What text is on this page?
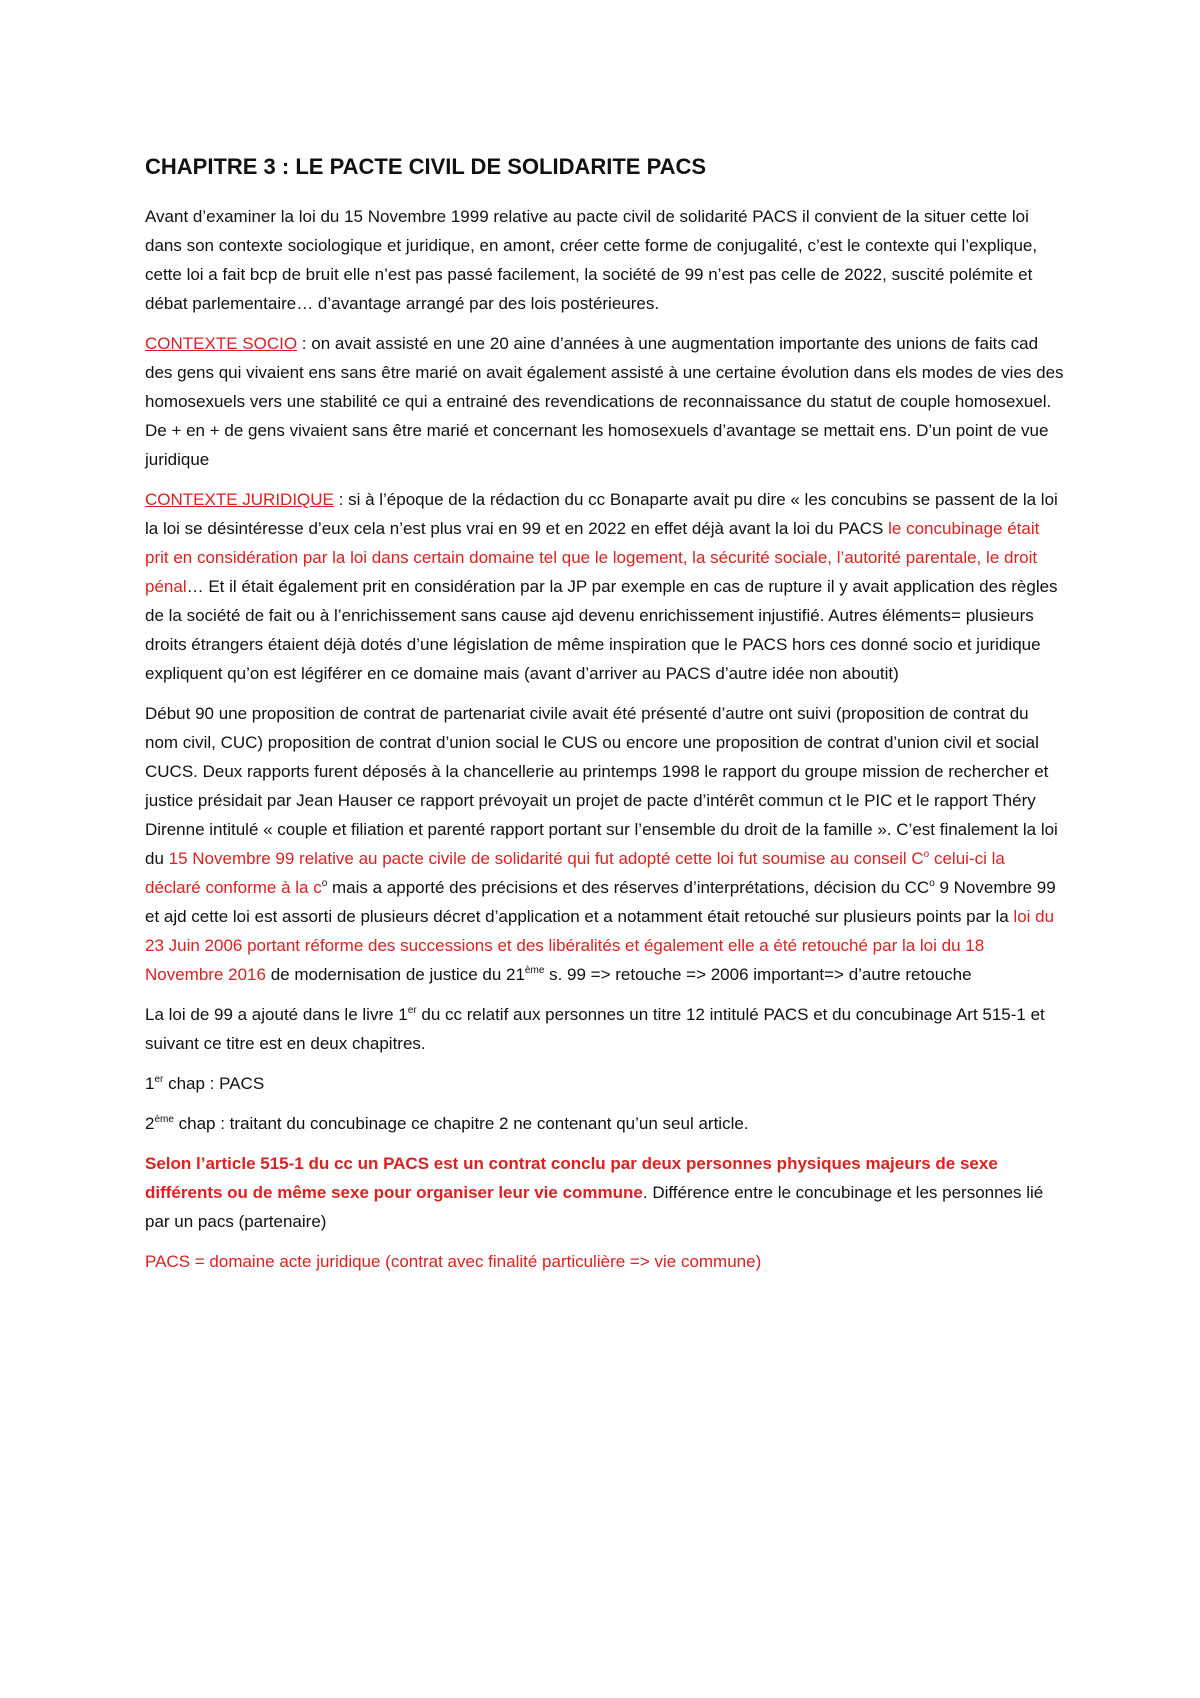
CHAPITRE 3 : LE PACTE CIVIL DE SOLIDARITE PACS

Avant d’examiner la loi du 15 Novembre 1999 relative au pacte civil de solidarité PACS il convient de la situer cette loi dans son contexte sociologique et juridique, en amont, créer cette forme de conjugalité, c’est le contexte qui l’explique, cette loi a fait bcp de bruit elle n’est pas passé facilement, la société de 99 n’est pas celle de 2022, suscité polémite et débat parlementaire… d’avantage arrangé par des lois postérieures.

CONTEXTE SOCIO : on avait assisté en une 20 aine d’années à une augmentation importante des unions de faits cad des gens qui vivaient ens sans être marié on avait également assisté à une certaine évolution dans els modes de vies des homosexuels vers une stabilité ce qui a entrainé des revendications de reconnaissance du statut de couple homosexuel. De + en + de gens vivaient sans être marié et concernant les homosexuels d’avantage se mettait ens. D’un point de vue juridique

CONTEXTE JURIDIQUE : si à l’époque de la rédaction du cc Bonaparte avait pu dire « les concubins se passent de la loi la loi se désintéresse d’eux cela n’est plus vrai en 99 et en 2022 en effet déjà avant la loi du PACS le concubinage était prit en considération par la loi dans certain domaine tel que le logement, la sécurité sociale, l’autorité parentale, le droit pénal… Et il était également prit en considération par la JP par exemple en cas de rupture il y avait application des règles de la société de fait ou à l’enrichissement sans cause ajd devenu enrichissement injustifié. Autres éléments= plusieurs droits étrangers étaient déjà dotés d’une législation de même inspiration que le PACS hors ces donné socio et juridique expliquent qu’on est légiférer en ce domaine mais (avant d’arriver au PACS d’autre idée non aboutit)

Début 90 une proposition de contrat de partenariat civile avait été présenté d’autre ont suivi (proposition de contrat du nom civil, CUC) proposition de contrat d’union social le CUS ou encore une proposition de contrat d’union civil et social CUCS. Deux rapports furent déposés à la chancellerie au printemps 1998 le rapport du groupe mission de rechercher et justice présidait par Jean Hauser ce rapport prévoyait un projet de pacte d’intérêt commun ct le PIC et le rapport Théry Direnne intitulé « couple et filiation et parenté rapport portant sur l’ensemble du droit de la famille ». C’est finalement la loi du 15 Novembre 99 relative au pacte civile de solidarité qui fut adopté cette loi fut soumise au conseil $C^o$ celui-ci la déclaré conforme à la $c^o$ mais a apporté des précisions et des réserves d’interprétations, décision du $CC^o$ 9 Novembre 99 et ajd cette loi est assorti de plusieurs décret d’application et a notamment était retouché sur plusieurs points par la loi du 23 Juin 2006 portant réforme des successions et des libéralités et également elle a été retouché par la loi du 18 Novembre 2016 de modernisation de justice du 21ème s. 99 => retouche => 2006 important=> d’autre retouche

La loi de 99 a ajouté dans le livre 1er du cc relatif aux personnes un titre 12 intitulé PACS et du concubinage Art 515-1 et suivant ce titre est en deux chapitres.

1er chap : PACS

2ème chap : traitant du concubinage ce chapitre 2 ne contenant qu’un seul article.

Selon l’article 515-1 du cc un PACS est un contrat conclu par deux personnes physiques majeurs de sexe différents ou de même sexe pour organiser leur vie commune. Différence entre le concubinage et les personnes lié par un pacs (partenaire)

PACS = domaine acte juridique (contrat avec finalité particulière => vie commune)
